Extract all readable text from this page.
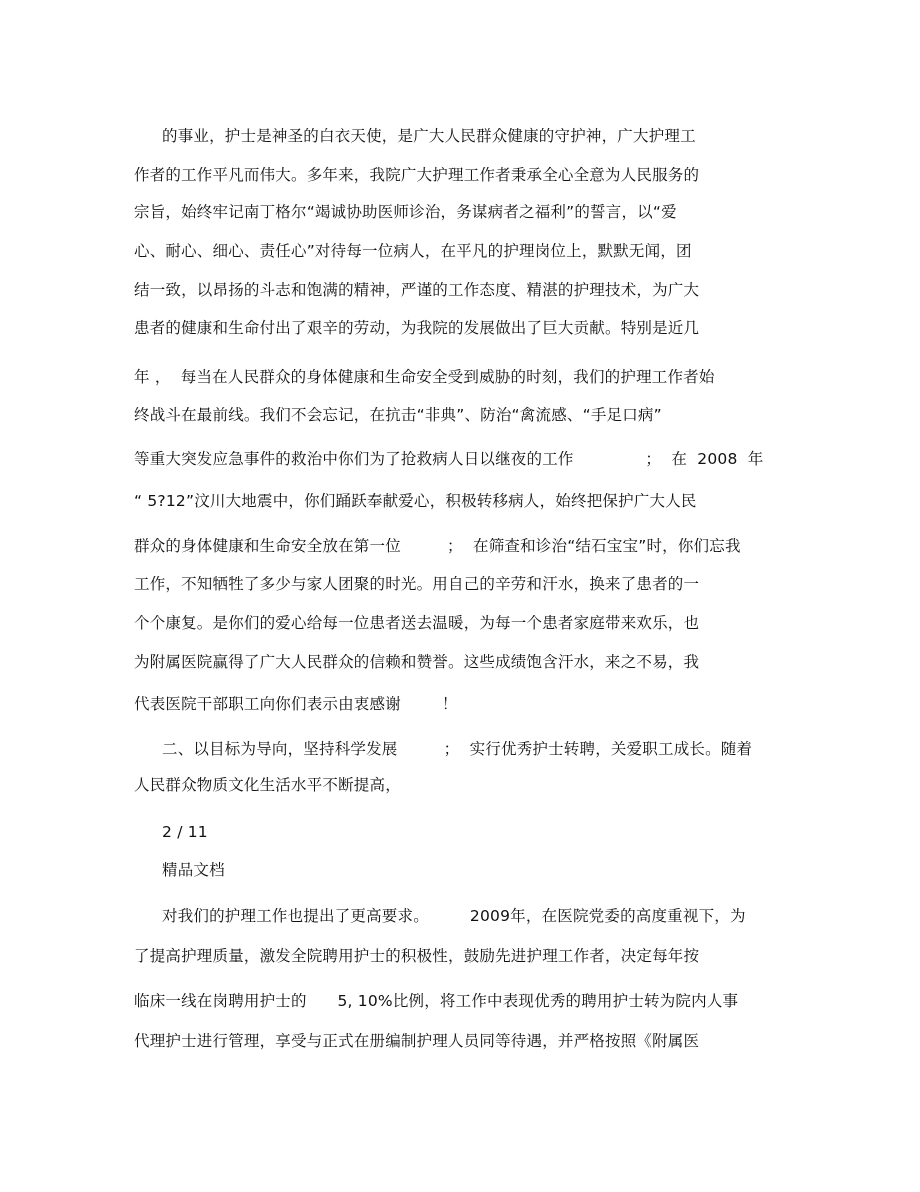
的事业，护士是神圣的白衣天使，是广大人民群众健康的守护神，广大护理工
作者的工作平凡而伟大。多年来，我院广大护理工作者秉承全心全意为人民服务的
宗旨，始终牢记南丁格尔“竭诚协助医师诊治，务谋病者之福利”的誓言，以“爱
心、耐心、细心、责任心”对待每一位病人，在平凡的护理岗位上，默默无闻，团
结一致，以昂扬的斗志和饱满的精神，严谨的工作态度、精湛的护理技术，为广大
患者的健康和生命付出了艰辛的劳动，为我院的发展做出了巨大贡献。特别是近几
年 ，  每当在人民群众的身体健康和生命安全受到威胁的时刻，我们的护理工作者始
终战斗在最前线。我们不会忘记，在抗击“非典”、防治“禽流感、“手足口病”
等重大突发应急事件的救治中你们为了抢救病人日以继夜的工作              ；  在  2008  年
“ 5?12”汶川大地震中，你们踊跃奉献爱心，积极转移病人，始终把保护广大人民
群众的身体健康和生命安全放在第一位         ；  在筛查和诊治“结石宝宝”时，你们忘我
工作，不知牺牲了多少与家人团聚的时光。用自己的辛劳和汗水，换来了患者的一
个个康复。是你们的爱心给每一位患者送去温暖，为每一个患者家庭带来欢乐，也
为附属医院赢得了广大人民群众的信赖和赞誉。这些成绩饱含汗水，来之不易，我
代表医院干部职工向你们表示由衷感谢        ！
二、以目标为导向，坚持科学发展         ；  实行优秀护士转聘，关爱职工成长。随着
人民群众物质文化生活水平不断提高，
2 / 11
精品文档
对我们的护理工作也提出了更高要求。        2009年，在医院党委的高度重视下，为
了提高护理质量，激发全院聘用护士的积极性，鼓励先进护理工作者，决定每年按
临床一线在岗聘用护士的      5, 10%比例，将工作中表现优秀的聘用护士转为院内人事
代理护士进行管理，享受与正式在册编制护理人员同等待遇，并严格按照《附属医
